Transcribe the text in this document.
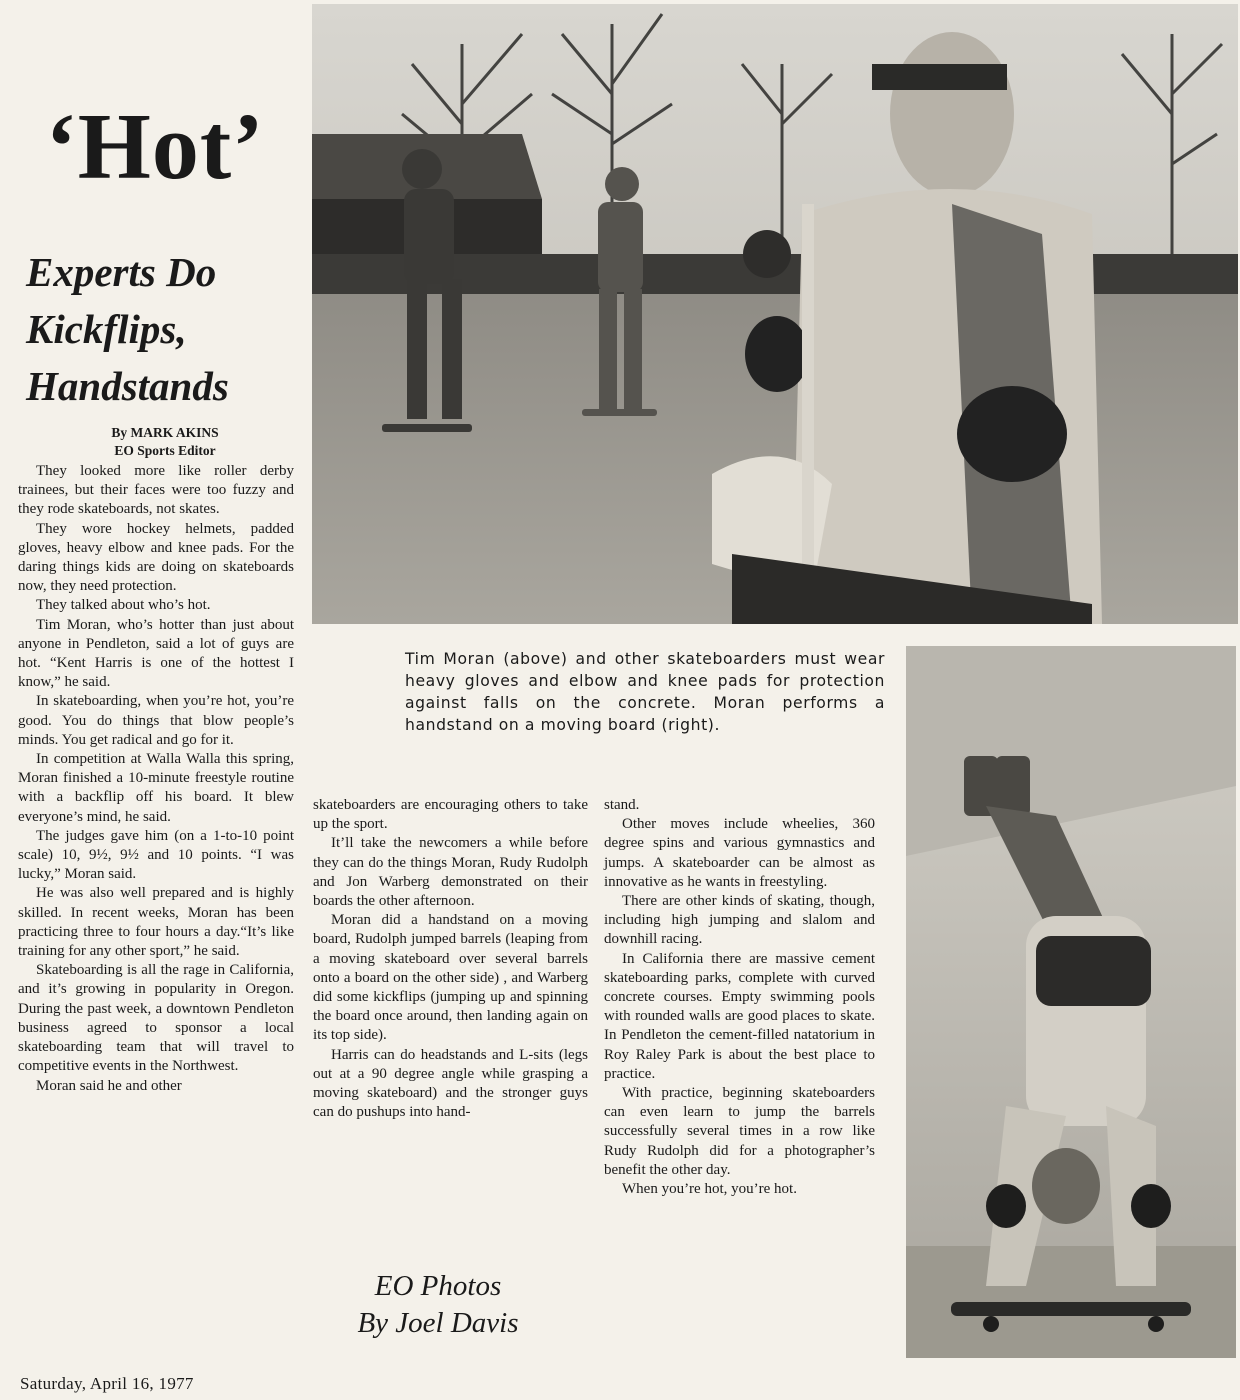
‘Hot’
Experts Do
Kickflips,
Handstands
By MARK AKINS
EO Sports Editor

They looked more like roller derby trainees, but their faces were too fuzzy and they rode skateboards, not skates.

They wore hockey helmets, padded gloves, heavy elbow and knee pads. For the daring things kids are doing on skateboards now, they need protection.

They talked about who’s hot.

Tim Moran, who’s hotter than just about anyone in Pendleton, said a lot of guys are hot. “Kent Harris is one of the hottest I know,” he said.

In skateboarding, when you’re hot, you’re good. You do things that blow people’s minds. You get radical and go for it.

In competition at Walla Walla this spring, Moran finished a 10-minute freestyle routine with a backflip off his board. It blew everyone’s mind, he said.

The judges gave him (on a 1-to-10 point scale) 10, 9½, 9½ and 10 points. “I was lucky,” Moran said.

He was also well prepared and is highly skilled. In recent weeks, Moran has been practicing three to four hours a day.“It’s like training for any other sport,” he said.

Skateboarding is all the rage in California, and it’s growing in popularity in Oregon. During the past week, a downtown Pendleton business agreed to sponsor a local skateboarding team that will travel to competitive events in the Northwest.

Moran said he and other

skateboarders are encouraging others to take up the sport.

It’ll take the newcomers a while before they can do the things Moran, Rudy Rudolph and Jon Warberg demonstrated on their boards the other afternoon.

Moran did a handstand on a moving board, Rudolph jumped barrels (leaping from a moving skateboard over several barrels onto a board on the other side) , and Warberg did some kickflips (jumping up and spinning the board once around, then landing again on its top side).

Harris can do headstands and L-sits (legs out at a 90 degree angle while grasping a moving skateboard) and the stronger guys can do pushups into hand-

stand.

Other moves include wheelies, 360 degree spins and various gymnastics and jumps. A skateboarder can be almost as innovative as he wants in freestyling.

There are other kinds of skating, though, including high jumping and slalom and downhill racing.

In California there are massive cement skateboarding parks, complete with curved concrete courses. Empty swimming pools with rounded walls are good places to skate. In Pendleton the cement-filled natatorium in Roy Raley Park is about the best place to practice.

With practice, beginning skateboarders can even learn to jump the barrels successfully several times in a row like Rudy Rudolph did for a photographer’s benefit the other day.

When you’re hot, you’re hot.

Tim Moran (above) and other skateboarders must wear heavy gloves and elbow and knee pads for protection against falls on the concrete. Moran performs a handstand on a moving board (right).
EO Photos
By Joel Davis
Saturday, April 16, 1977
